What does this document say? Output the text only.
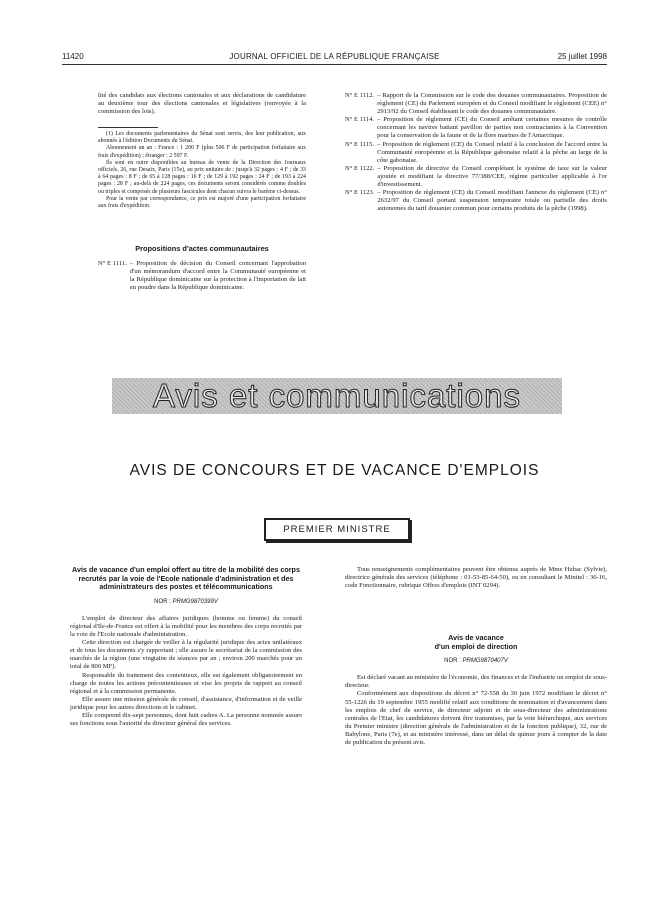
11420	JOURNAL OFFICIEL DE LA RÉPUBLIQUE FRANÇAISE	25 juillet 1998

lité des candidats aux élections cantonales et aux déclarations de candidature au deuxième tour des élections cantonales et législatives (renvoyée à la commission des lois).

(1) Les documents parlementaires du Sénat sont servis, des leur publication, aux abonnés à l'édition Documents du Sénat.

Abonnement un an : France : 1 200 F (plus 506 F de participation forfaitaire aux frais d'expédition) ; étranger : 2 597 F.

Ils sont en outre disponibles au bureau de vente de la Direction des Journaux officiels, 26, rue Desaix, Paris (15e), au prix unitaire de : jusqu'à 32 pages : 4 F ; de 33 à 64 pages : 8 F ; de 65 à 128 pages : 16 F ; de 129 à 192 pages : 24 F ; de 193 à 224 pages : 28 F ; au-delà de 224 pages, ces documents seront considérés comme doubles ou triples et composés de plusieurs fascicules dont chacun suivra le barème ci-dessus.

Pour la vente par correspondance, ce prix est majoré d'une participation forfaitaire aux frais d'expédition.

Propositions d'actes communautaires
N° E 1111. – Proposition de décision du Conseil concernant l'approbation d'un mémorandum d'accord entre la Communauté européenne et la République dominicaine sur la protection à l'importation de lait en poudre dans la République dominicaine.
N° E 1112. – Rapport de la Commission sur le code des douanes communautaires. Proposition de règlement (CE) du Parlement européen et du Conseil modifiant le règlement (CEE) n° 2913/92 du Conseil établissant le code des douanes communautaire.
N° E 1114. – Proposition de règlement (CE) du Conseil arrêtant certaines mesures de contrôle concernant les navires battant pavillon de parties non contractantes à la Convention pour la conservation de la faune et de la flore marines de l'Antarctique.
N° E 1115. – Proposition de règlement (CE) du Conseil relatif à la conclusion de l'accord entre la Communauté européenne et la République gabonaise relatif à la pêche au large de la côte gabonaise.
N° E 1122. – Proposition de directive du Conseil complétant le système de taxe sur la valeur ajoutée et modifiant la directive 77/388/CEE, régime particulier applicable à l'or d'investissement.
N° E 1123. – Proposition de règlement (CE) du Conseil modifiant l'annexe du règlement (CE) n° 2632/97 du Conseil portant suspension temporaire totale ou partielle des droits autonomes du tarif douanier commun pour certains produits de la pêche (1998).
Avis et communications
AVIS DE CONCOURS ET DE VACANCE D'EMPLOIS
PREMIER MINISTRE
Avis de vacance d'un emploi offert au titre de la mobilité des corps recrutés par la voie de l'Ecole nationale d'administration et des administrateurs des postes et télécommunications
NOR : PRMG9870399V

L'emploi de directeur des affaires juridiques (homme ou femme) du conseil régional d'Ile-de-France est offert à la mobilité pour les membres des corps recrutés par la voie de l'Ecole nationale d'administration.

Cette direction est chargée de veiller à la régularité juridique des actes unilatéraux et de tous les documents s'y rapportant ; elle assure le secrétariat de la commission des marchés de la région (une vingtaine de séances par an ; environ 200 marchés pour un total de 800 MF).

Responsable du traitement des contentieux, elle est également obligatoirement en charge de toutes les actions précontentieuses et vise les projets de rapport au conseil régional et à la commission permanente.

Elle assure une mission générale de conseil, d'assistance, d'information et de veille juridique pour les autres directions et le cabinet.

Elle comprend dix-sept personnes, dont huit cadres A. La personne nommée assure ses fonctions sous l'autorité du directeur général des services.

Tous renseignements complémentaires peuvent être obtenus auprès de Mme Hubac (Sylvie), directrice générale des services (téléphone : 01-53-85-64-50), ou en consultant le Minitel : 36-16, code Fonctionnaire, rubrique Offres d'emplois (INT 0294).

Avis de vacance
d'un emploi de direction
NOR : PRMG9870407V

Est déclaré vacant au ministère de l'économie, des finances et de l'industrie un emploi de sous-directeur.

Conformément aux dispositions du décret n° 72-558 du 30 juin 1972 modifiant le décret n° 55-1226 du 19 septembre 1955 modifié relatif aux conditions de nomination et d'avancement dans les emplois de chef de service, de directeur adjoint et de sous-directeur des administrations centrales de l'Etat, les candidatures doivent être transmises, par la voie hiérarchique, aux services du Premier ministre (direction générale de l'administration et de la fonction publique), 32, rue de Babylone, Paris (7e), et au ministère intéressé, dans un délai de quinze jours à compter de la date de publication du présent avis.
